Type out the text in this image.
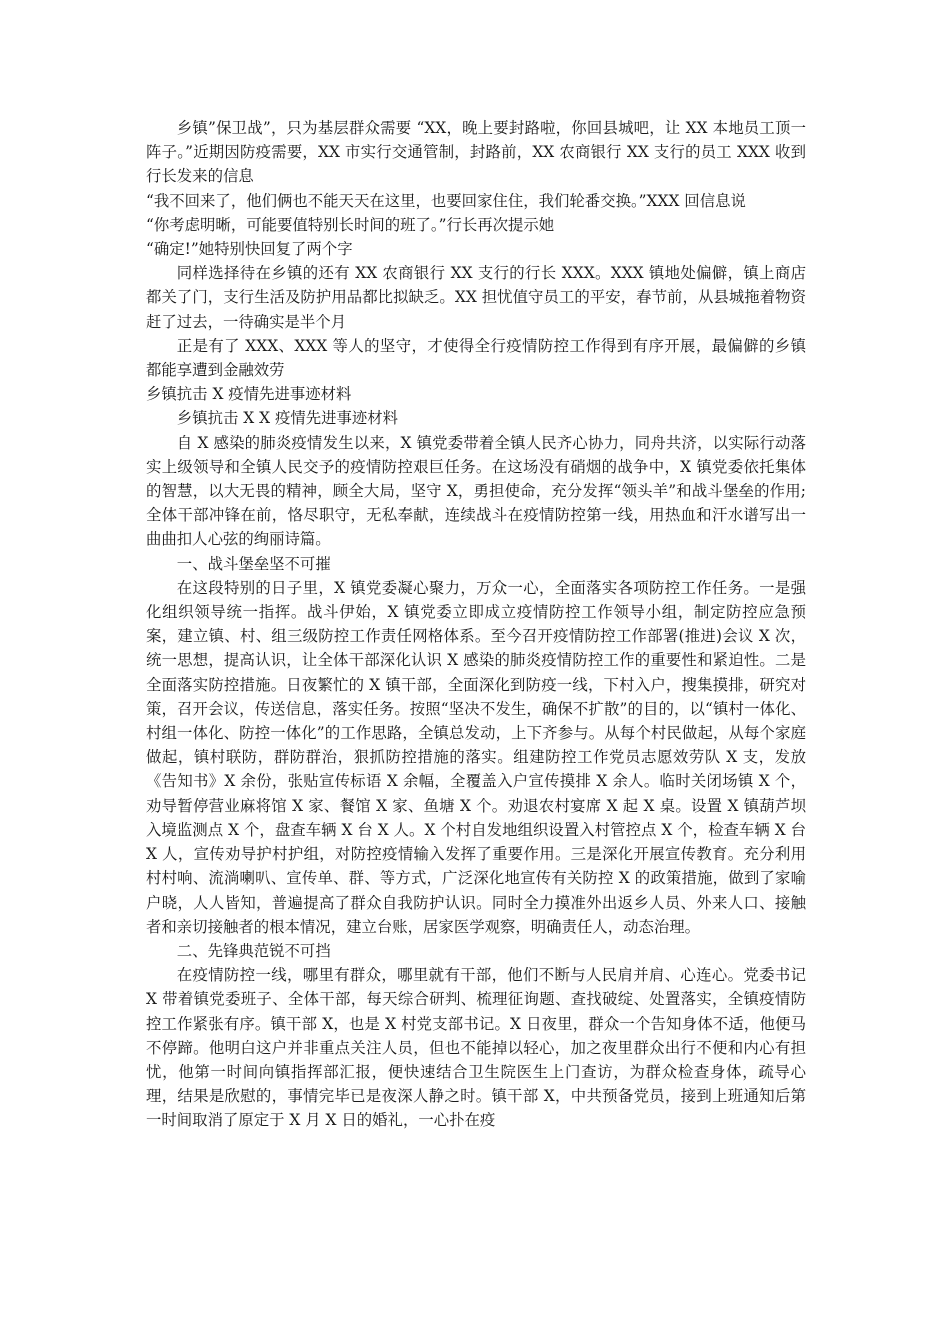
乡镇”保卫战”，只为基层群众需要 “XX，晚上要封路啦，你回县城吧，让 XX 本地员工顶一阵子。”近期因防疫需要，XX 市实行交通管制，封路前，XX 农商银行 XX 支行的员工 XXX 收到行长发来的信息

“我不回来了，他们俩也不能天天在这里，也要回家住住，我们轮番交换。”XXX 回信息说

“你考虑明晰，可能要值特别长时间的班了。”行长再次提示她

“确定!”她特别快回复了两个字

同样选择待在乡镇的还有 XX 农商银行 XX 支行的行长 XXX。XXX 镇地处偏僻，镇上商店都关了门，支行生活及防护用品都比拟缺乏。XX 担忧值守员工的平安，春节前，从县城拖着物资赶了过去，一待确实是半个月

正是有了 XXX、XXX 等人的坚守，才使得全行疫情防控工作得到有序开展，最偏僻的乡镇都能享遭到金融效劳

乡镇抗击 X 疫情先进事迹材料

乡镇抗击 X X 疫情先进事迹材料

自 X 感染的肺炎疫情发生以来，X 镇党委带着全镇人民齐心协力，同舟共济，以实际行动落实上级领导和全镇人民交予的疫情防控艰巨任务。在这场没有硝烟的战争中，X 镇党委依托集体的智慧，以大无畏的精神，顾全大局，坚守 X，勇担使命，充分发挥“领头羊”和战斗堡垒的作用;全体干部冲锋在前，恪尽职守，无私奉献，连续战斗在疫情防控第一线，用热血和汗水谱写出一曲曲扣人心弦的绚丽诗篇。

一、战斗堡垒坚不可摧

在这段特别的日子里，X 镇党委凝心聚力，万众一心，全面落实各项防控工作任务。一是强化组织领导统一指挥。战斗伊始，X 镇党委立即成立疫情防控工作领导小组，制定防控应急预案，建立镇、村、组三级防控工作责任网格体系。至今召开疫情防控工作部署(推进)会议 X 次，统一思想，提高认识，让全体干部深化认识 X 感染的肺炎疫情防控工作的重要性和紧迫性。二是全面落实防控措施。日夜繁忙的 X 镇干部，全面深化到防疫一线，下村入户，搜集摸排，研究对策，召开会议，传送信息，落实任务。按照“坚决不发生，确保不扩散”的目的，以“镇村一体化、村组一体化、防控一体化”的工作思路，全镇总发动，上下齐参与。从每个村民做起，从每个家庭做起，镇村联防，群防群治，狠抓防控措施的落实。组建防控工作党员志愿效劳队 X 支，发放《告知书》X 余份，张贴宣传标语 X 余幅，全覆盖入户宣传摸排 X 余人。临时关闭场镇 X 个，劝导暂停营业麻将馆 X 家、餐馆 X 家、鱼塘 X 个。劝退农村宴席 X 起 X 桌。设置 X 镇葫芦坝入境监测点 X 个，盘查车辆 X 台 X 人。X 个村自发地组织设置入村管控点 X 个，检查车辆 X 台 X 人，宣传劝导护村护组，对防控疫情输入发挥了重要作用。三是深化开展宣传教育。充分利用村村响、流淌喇叭、宣传单、群、等方式，广泛深化地宣传有关防控 X 的政策措施，做到了家喻户晓，人人皆知，普遍提高了群众自我防护认识。同时全力摸准外出返乡人员、外来人口、接触者和亲切接触者的根本情况，建立台账，居家医学观察，明确责任人，动态治理。

二、先锋典范锐不可挡

在疫情防控一线，哪里有群众，哪里就有干部，他们不断与人民肩并肩、心连心。党委书记 X 带着镇党委班子、全体干部，每天综合研判、梳理征询题、查找破绽、处置落实，全镇疫情防控工作紧张有序。镇干部 X，也是 X 村党支部书记。X 日夜里，群众一个告知身体不适，他便马不停蹄。他明白这户并非重点关注人员，但也不能掉以轻心，加之夜里群众出行不便和内心有担忧，他第一时间向镇指挥部汇报，便快速结合卫生院医生上门查访，为群众检查身体，疏导心理，结果是欣慰的，事情完毕已是夜深人静之时。镇干部 X，中共预备党员，接到上班通知后第一时间取消了原定于 X 月 X 日的婚礼，一心扑在疫
